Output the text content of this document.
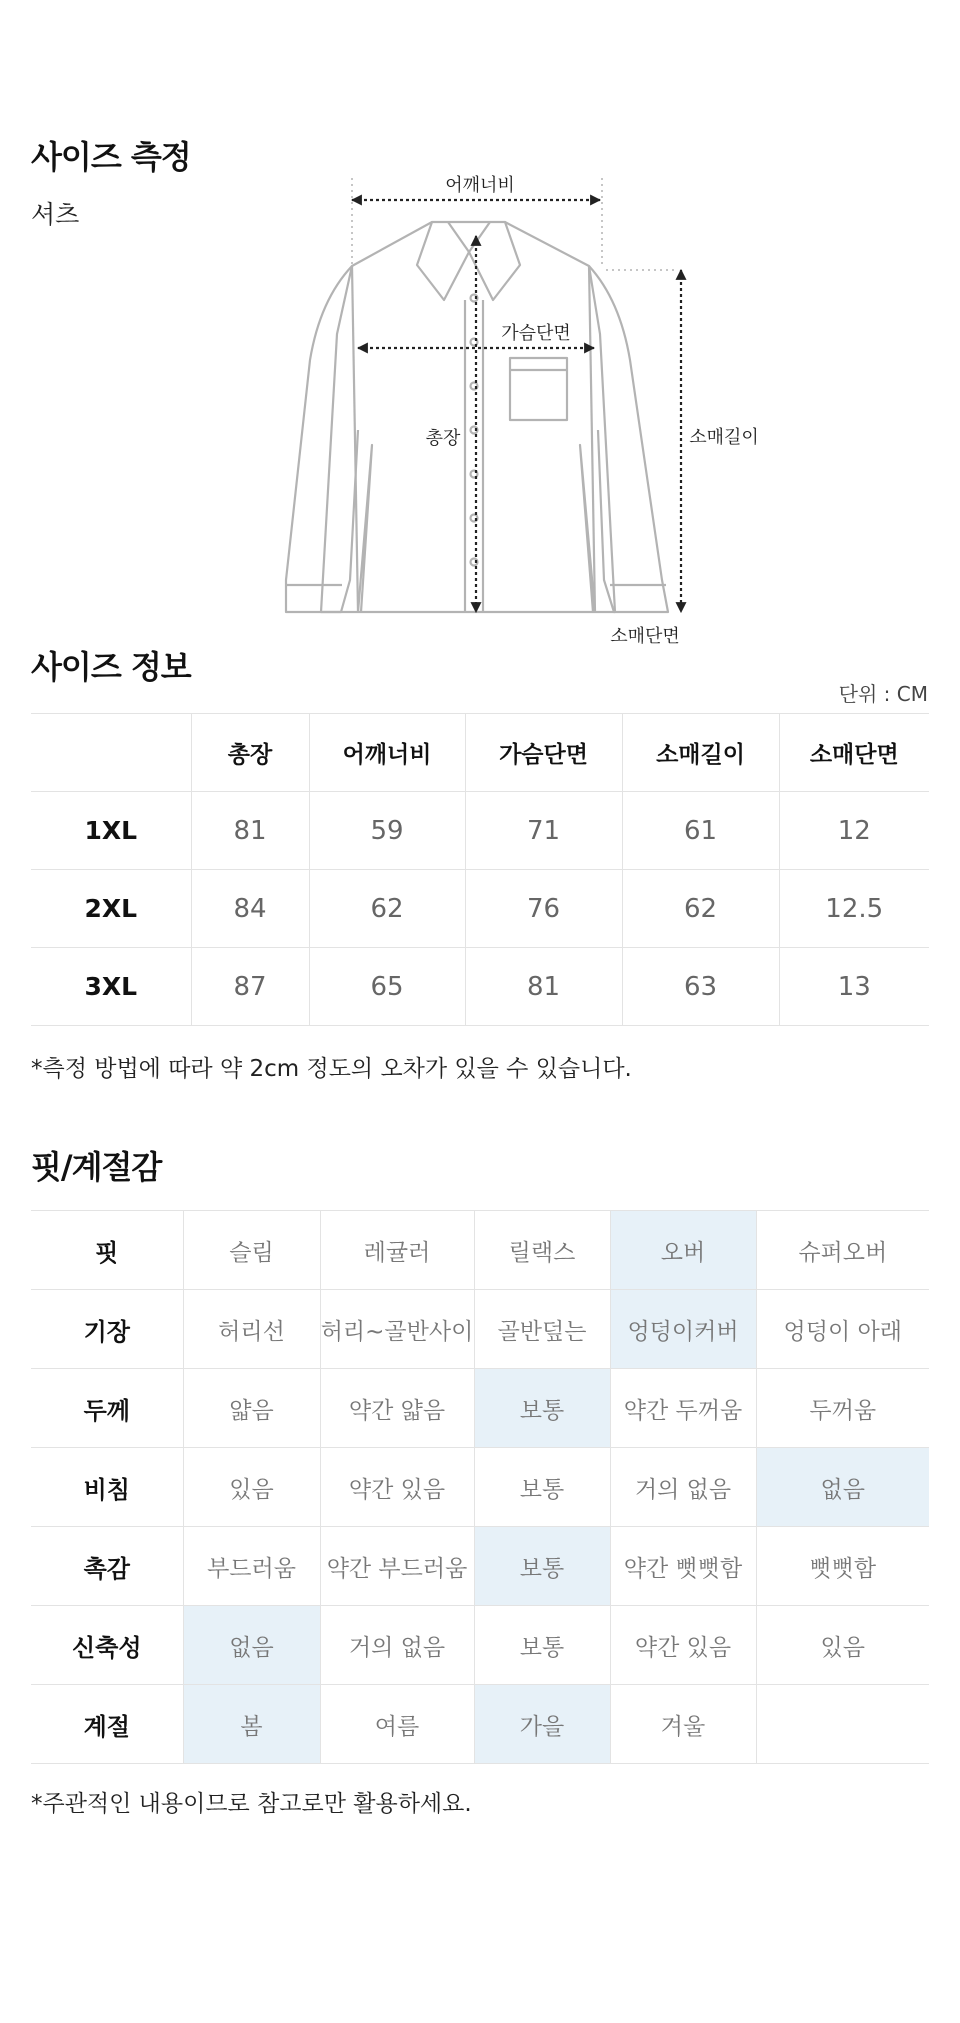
사이즈 측정
셔츠
어깨너비
가슴단면
총장	소매길이
소매단면
사이즈 정보
단위 : CM
	총장	어깨너비	가슴단면	소매길이	소매단면
1XL	81	59	71	61	12
2XL	84	62	76	62	12.5
3XL	87	65	81	63	13
*측정 방법에 따라 약 2cm 정도의 오차가 있을 수 있습니다.
핏/계절감
핏	슬림	레귤러	릴랙스	오버	슈퍼오버
기장	허리선	허리~골반사이	골반덮는	엉덩이커버	엉덩이 아래
두께	얇음	약간 얇음	보통	약간 두꺼움	두꺼움
비침	있음	약간 있음	보통	거의 없음	없음
촉감	부드러움	약간 부드러움	보통	약간 뻣뻣함	뻣뻣함
신축성	없음	거의 없음	보통	약간 있음	있음
계절	봄	여름	가을	겨울	
*주관적인 내용이므로 참고로만 활용하세요.
